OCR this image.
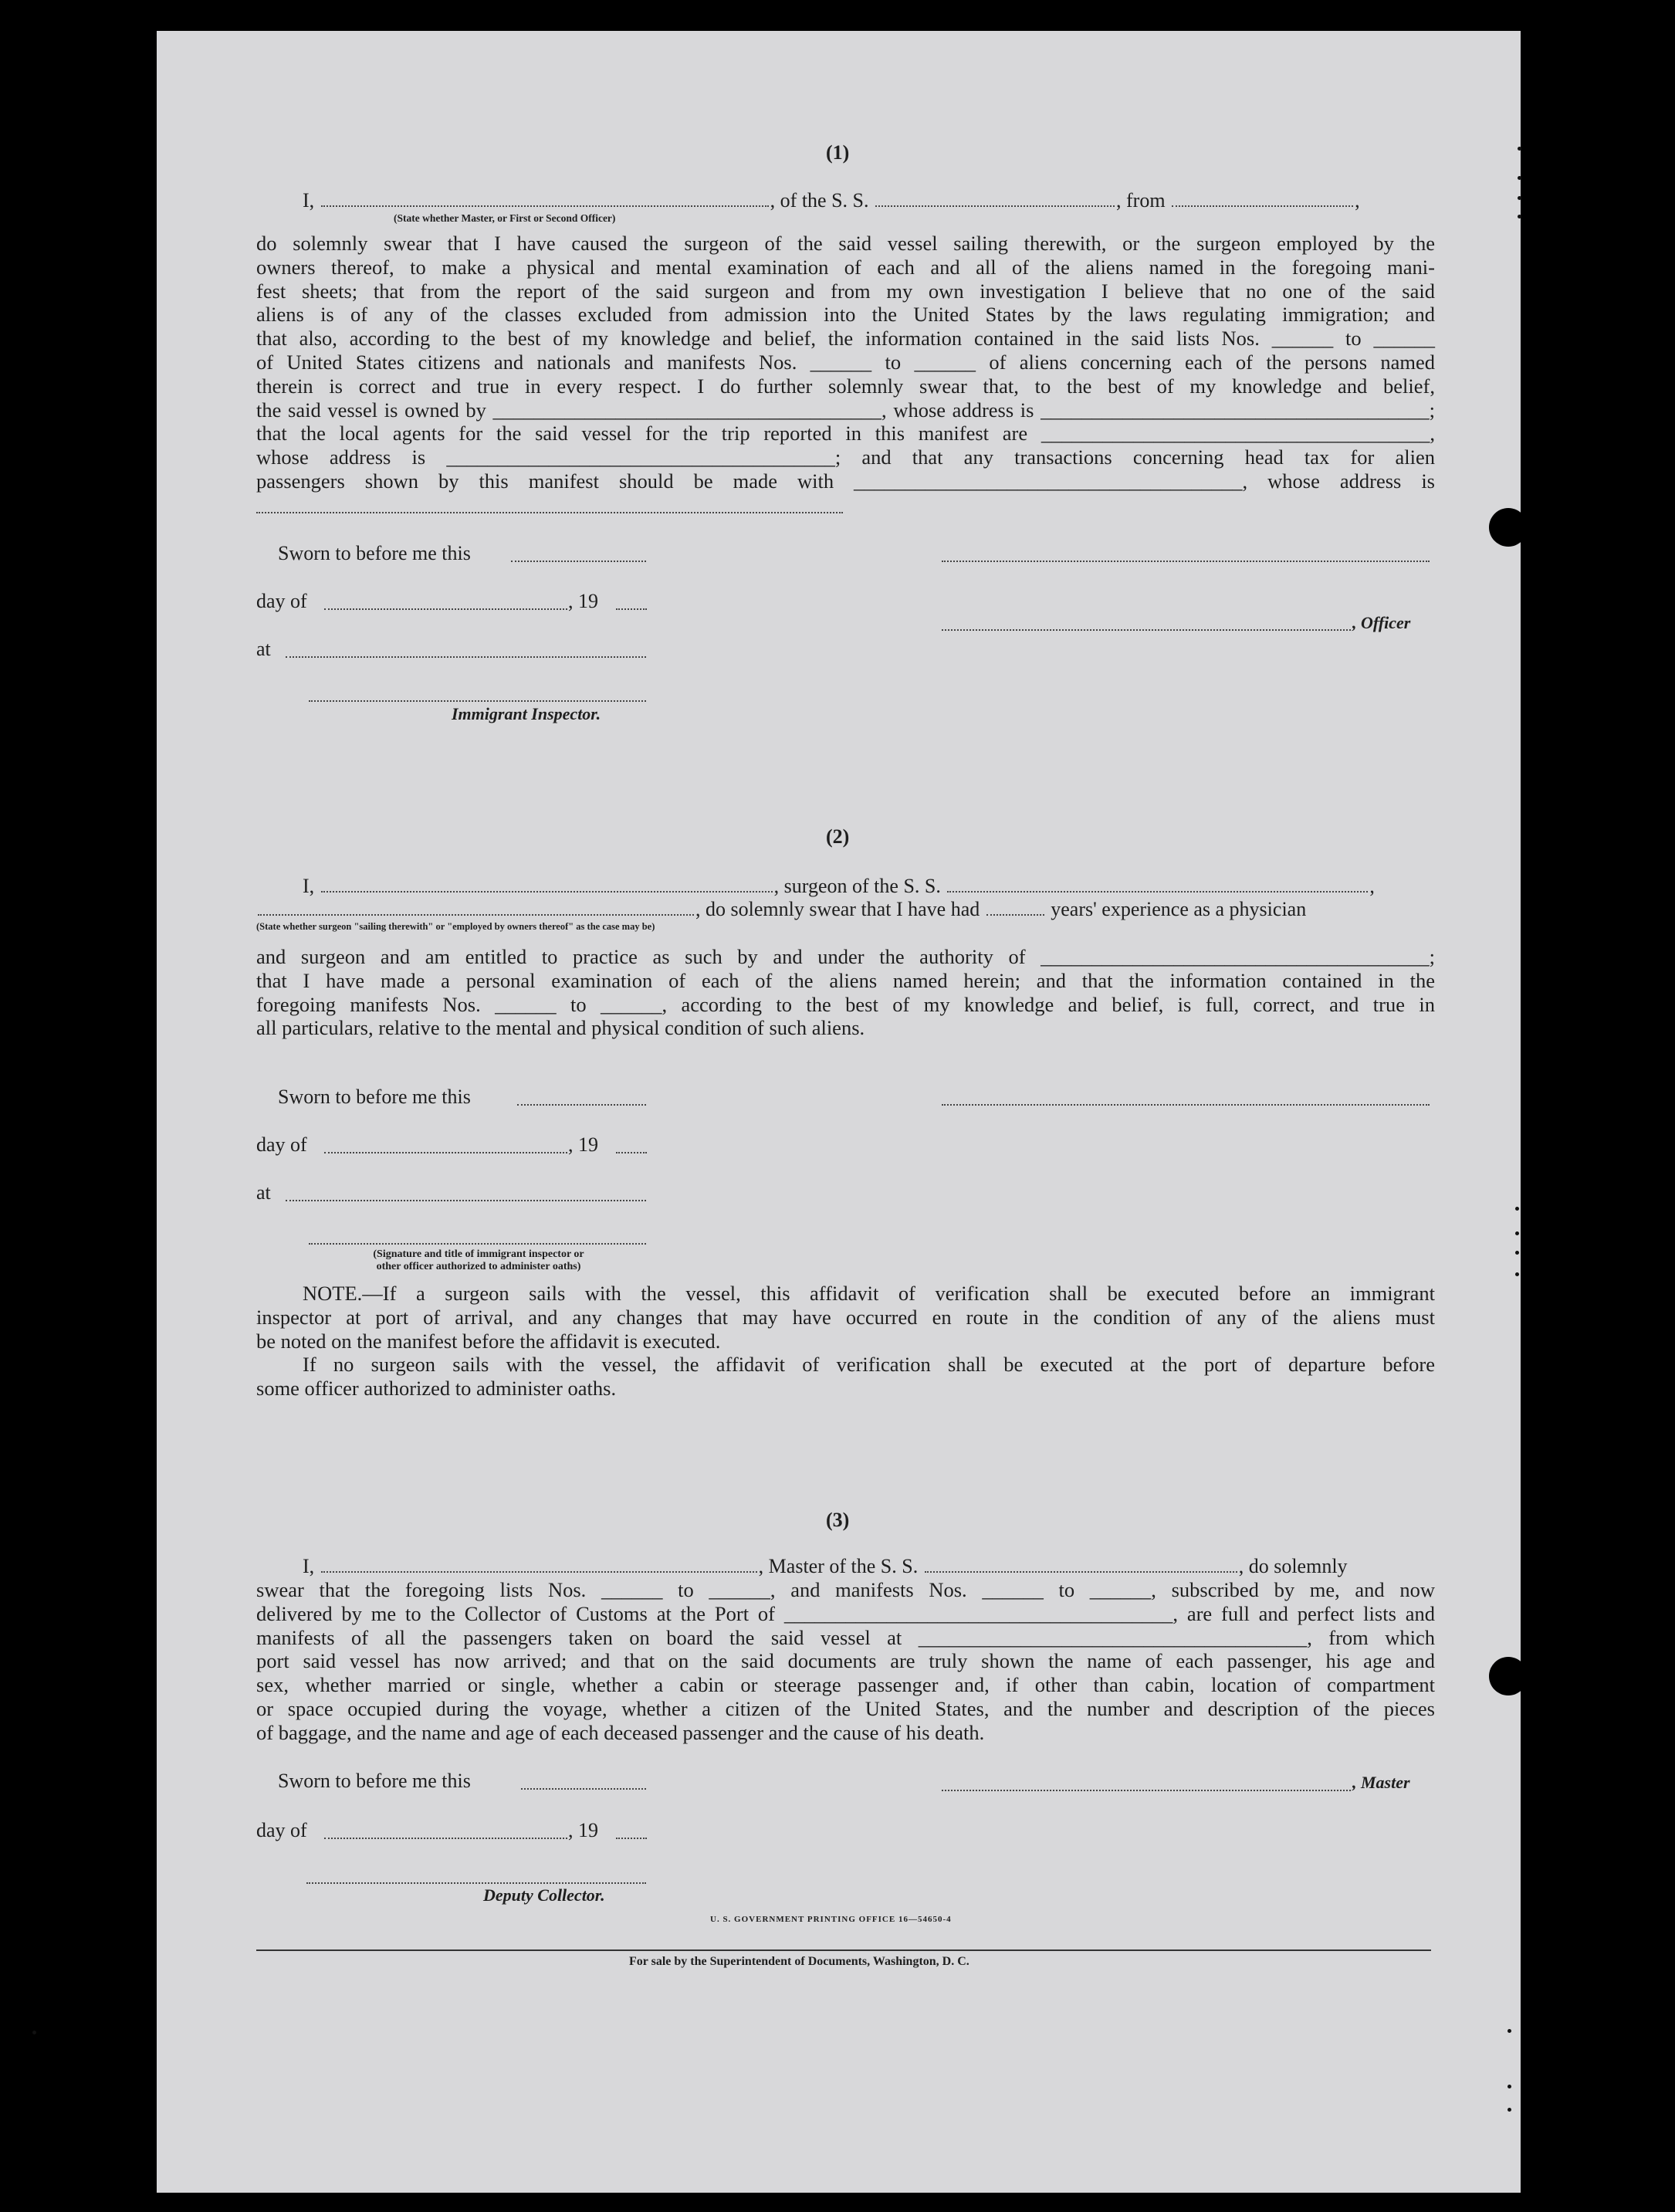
(1)
I,	, of the S. S.	, from	,
(State whether Master, or First or Second Officer)
do solemnly swear that I have caused the surgeon of the said vessel sailing therewith, or the surgeon employed by the
owners thereof, to make a physical and mental examination of each and all of the aliens named in the foregoing mani-
fest sheets; that from the report of the said surgeon and from my own investigation I believe that no one of the said
aliens is of any of the classes excluded from admission into the United States by the laws regulating immigration; and
that also, according to the best of my knowledge and belief, the information contained in the said lists Nos. ______ to ______
of United States citizens and nationals and manifests Nos. ______ to ______ of aliens concerning each of the persons named
therein is correct and true in every respect. I do further solemnly swear that, to the best of my knowledge and belief,
the said vessel is owned by ______________________________________, whose address is ______________________________________;
that the local agents for the said vessel for the trip reported in this manifest are ______________________________________,
whose address is ______________________________________; and that any transactions concerning head tax for alien
passengers shown by this manifest should be made with ______________________________________, whose address is
Sworn to before me this
day of	, 19
at
Immigrant Inspector.
, Officer
(2)
I,	, surgeon of the S. S.	,
, do solemnly swear that I have had	years' experience as a physician
(State whether surgeon "sailing therewith" or "employed by owners thereof" as the case may be)
and surgeon and am entitled to practice as such by and under the authority of ______________________________________;
that I have made a personal examination of each of the aliens named herein; and that the information contained in the
foregoing manifests Nos. ______ to ______, according to the best of my knowledge and belief, is full, correct, and true in
all particulars, relative to the mental and physical condition of such aliens.
Sworn to before me this
day of	, 19
at
(Signature and title of immigrant inspector or
other officer authorized to administer oaths)
NOTE.—If a surgeon sails with the vessel, this affidavit of verification shall be executed before an immigrant
inspector at port of arrival, and any changes that may have occurred en route in the condition of any of the aliens must
be noted on the manifest before the affidavit is executed.
If no surgeon sails with the vessel, the affidavit of verification shall be executed at the port of departure before
some officer authorized to administer oaths.
(3)
I,	, Master of the S. S.	, do solemnly
swear that the foregoing lists Nos. ______ to ______, and manifests Nos. ______ to ______, subscribed by me, and now
delivered by me to the Collector of Customs at the Port of ______________________________________, are full and perfect lists and
manifests of all the passengers taken on board the said vessel at ______________________________________, from which
port said vessel has now arrived; and that on the said documents are truly shown the name of each passenger, his age and
sex, whether married or single, whether a cabin or steerage passenger and, if other than cabin, location of compartment
or space occupied during the voyage, whether a citizen of the United States, and the number and description of the pieces
of baggage, and the name and age of each deceased passenger and the cause of his death.
Sworn to before me this
day of	, 19
Deputy Collector.
, Master
U. S. GOVERNMENT PRINTING OFFICE 16—54650-4
For sale by the Superintendent of Documents, Washington, D. C.
